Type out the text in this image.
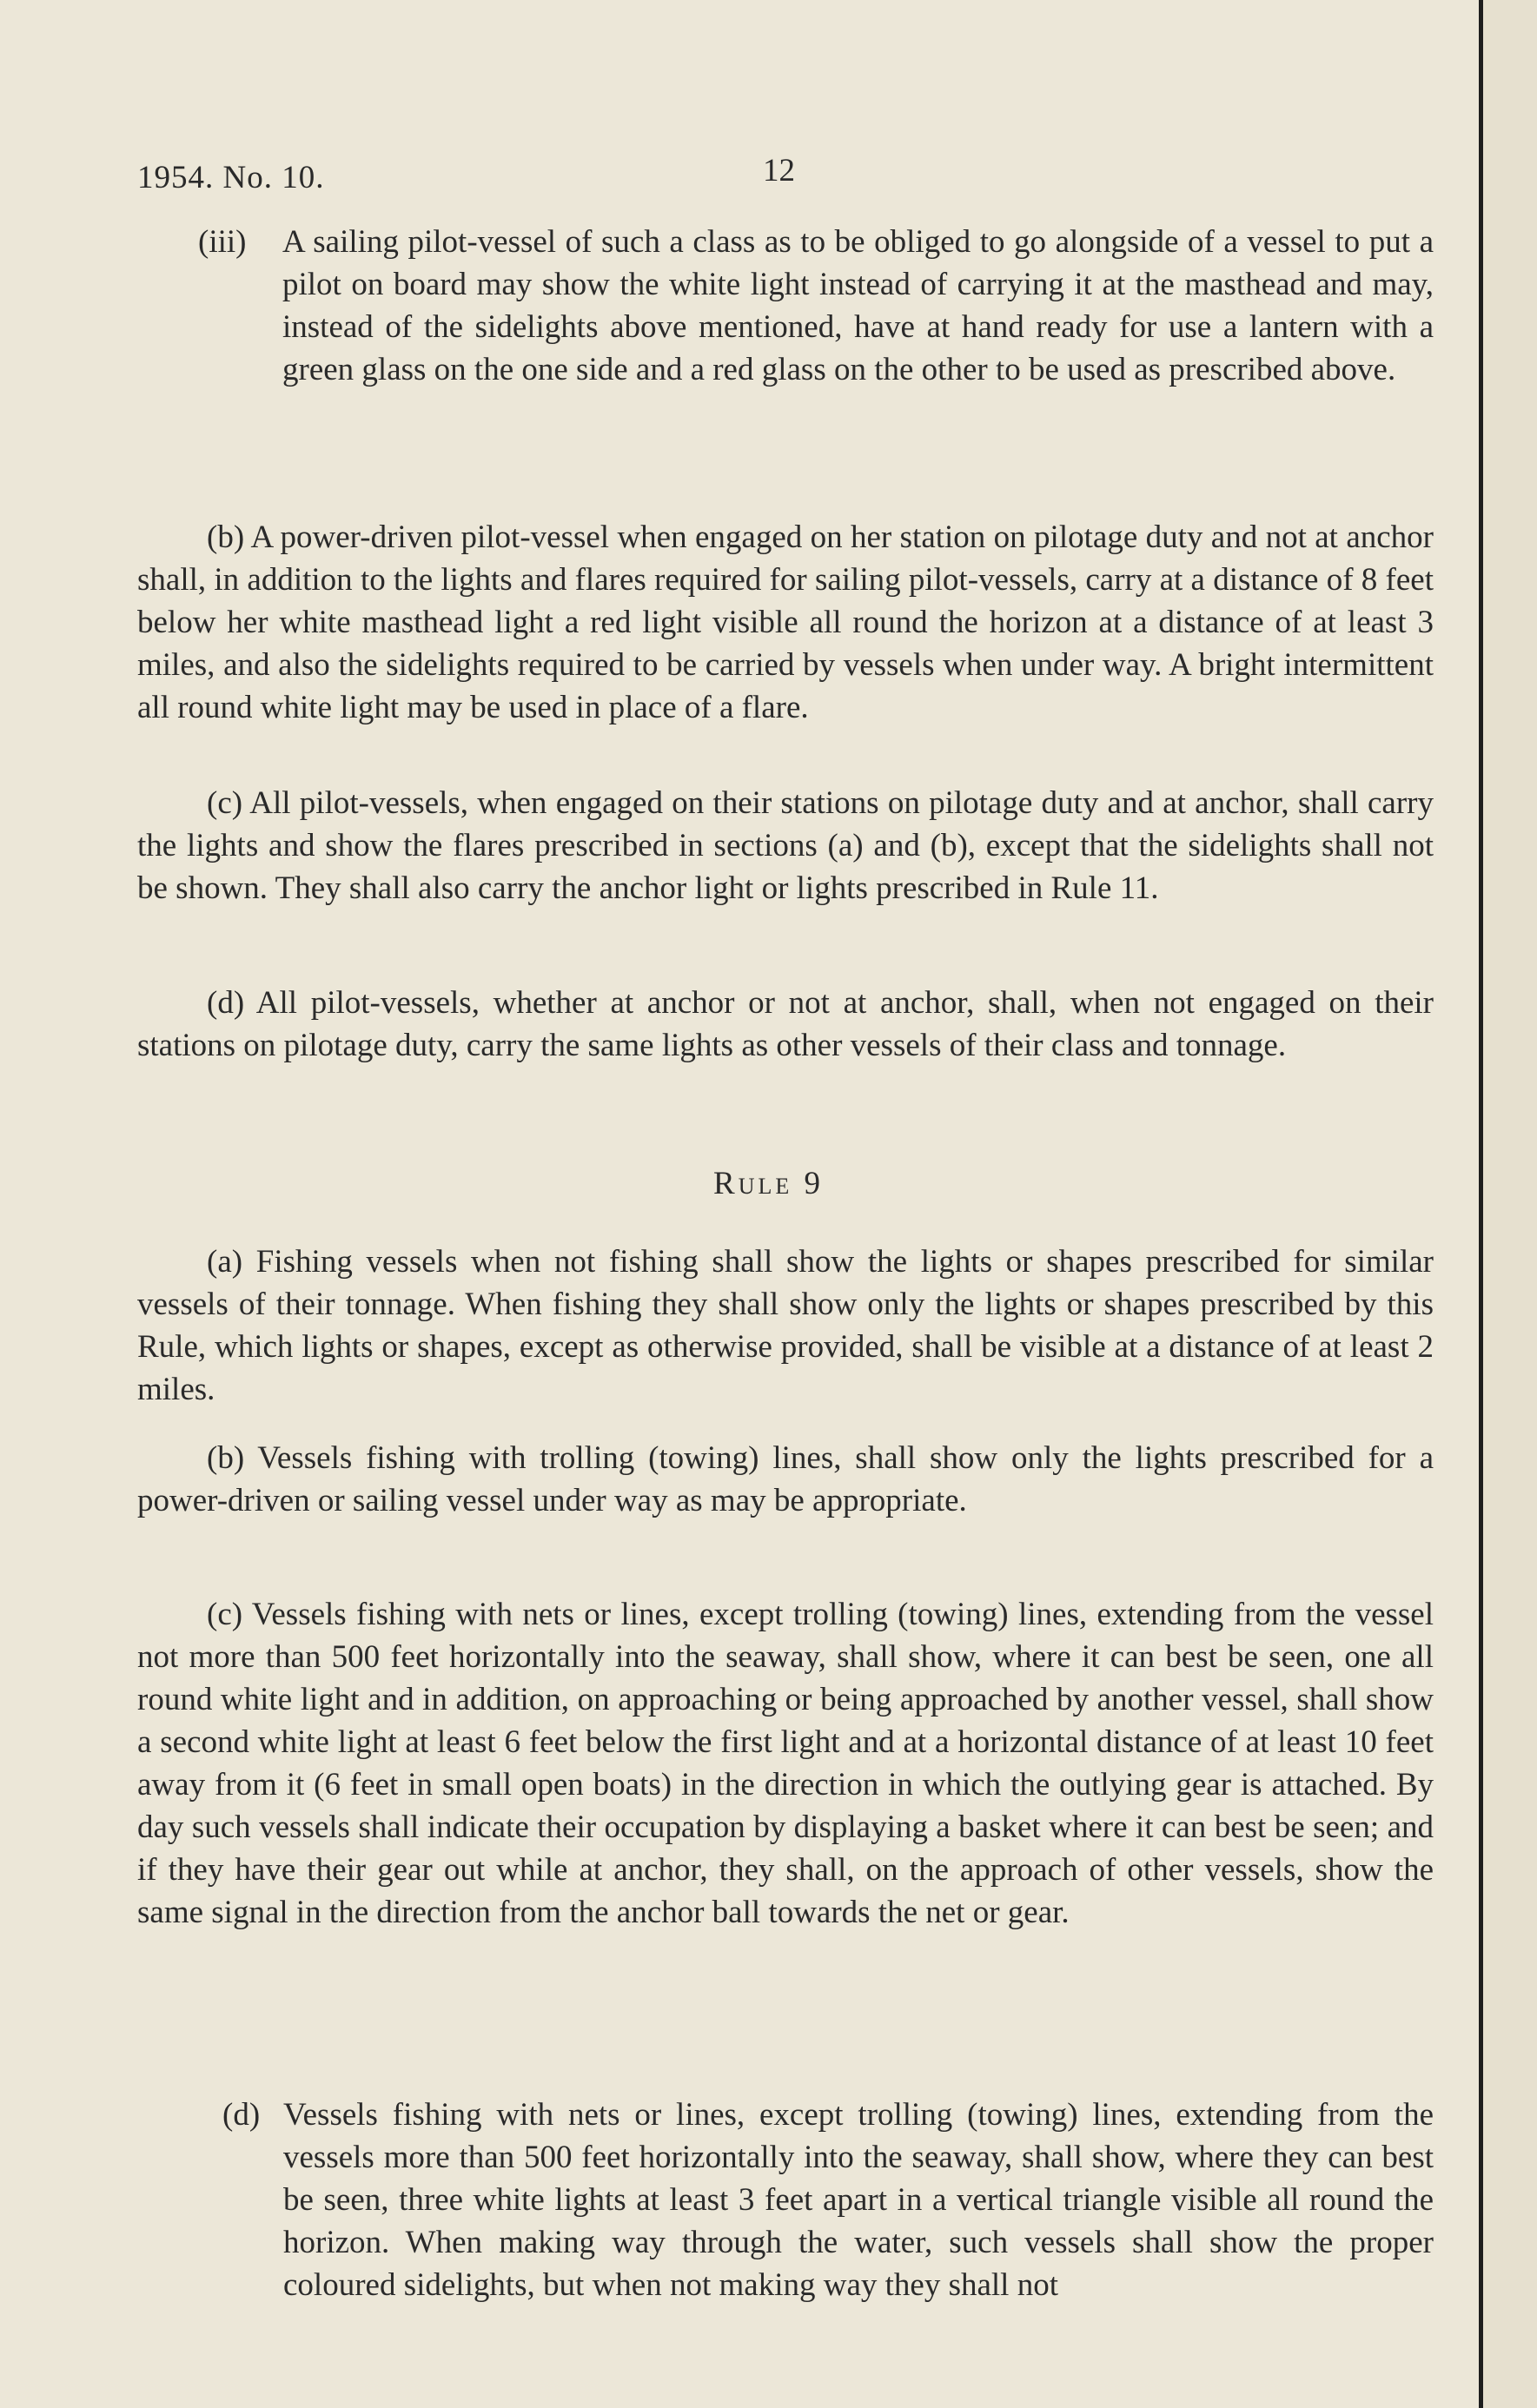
1954. No. 10.	12
(iii) A sailing pilot-vessel of such a class as to be obliged to go alongside of a vessel to put a pilot on board may show the white light instead of carrying it at the masthead and may, instead of the sidelights above mentioned, have at hand ready for use a lantern with a green glass on the one side and a red glass on the other to be used as prescribed above.
(b) A power-driven pilot-vessel when engaged on her station on pilotage duty and not at anchor shall, in addition to the lights and flares required for sailing pilot-vessels, carry at a distance of 8 feet below her white masthead light a red light visible all round the horizon at a distance of at least 3 miles, and also the sidelights required to be carried by vessels when under way. A bright intermittent all round white light may be used in place of a flare.
(c) All pilot-vessels, when engaged on their stations on pilotage duty and at anchor, shall carry the lights and show the flares prescribed in sections (a) and (b), except that the sidelights shall not be shown. They shall also carry the anchor light or lights prescribed in Rule 11.
(d) All pilot-vessels, whether at anchor or not at anchor, shall, when not engaged on their stations on pilotage duty, carry the same lights as other vessels of their class and tonnage.
Rule 9
(a) Fishing vessels when not fishing shall show the lights or shapes prescribed for similar vessels of their tonnage. When fishing they shall show only the lights or shapes prescribed by this Rule, which lights or shapes, except as otherwise provided, shall be visible at a distance of at least 2 miles.
(b) Vessels fishing with trolling (towing) lines, shall show only the lights prescribed for a power-driven or sailing vessel under way as may be appropriate.
(c) Vessels fishing with nets or lines, except trolling (towing) lines, extending from the vessel not more than 500 feet horizontally into the seaway, shall show, where it can best be seen, one all round white light and in addition, on approaching or being approached by another vessel, shall show a second white light at least 6 feet below the first light and at a horizontal distance of at least 10 feet away from it (6 feet in small open boats) in the direction in which the outlying gear is attached. By day such vessels shall indicate their occupation by displaying a basket where it can best be seen; and if they have their gear out while at anchor, they shall, on the approach of other vessels, show the same signal in the direction from the anchor ball towards the net or gear.
(d) Vessels fishing with nets or lines, except trolling (towing) lines, extending from the vessels more than 500 feet horizontally into the seaway, shall show, where they can best be seen, three white lights at least 3 feet apart in a vertical triangle visible all round the horizon. When making way through the water, such vessels shall show the proper coloured sidelights, but when not making way they shall not
